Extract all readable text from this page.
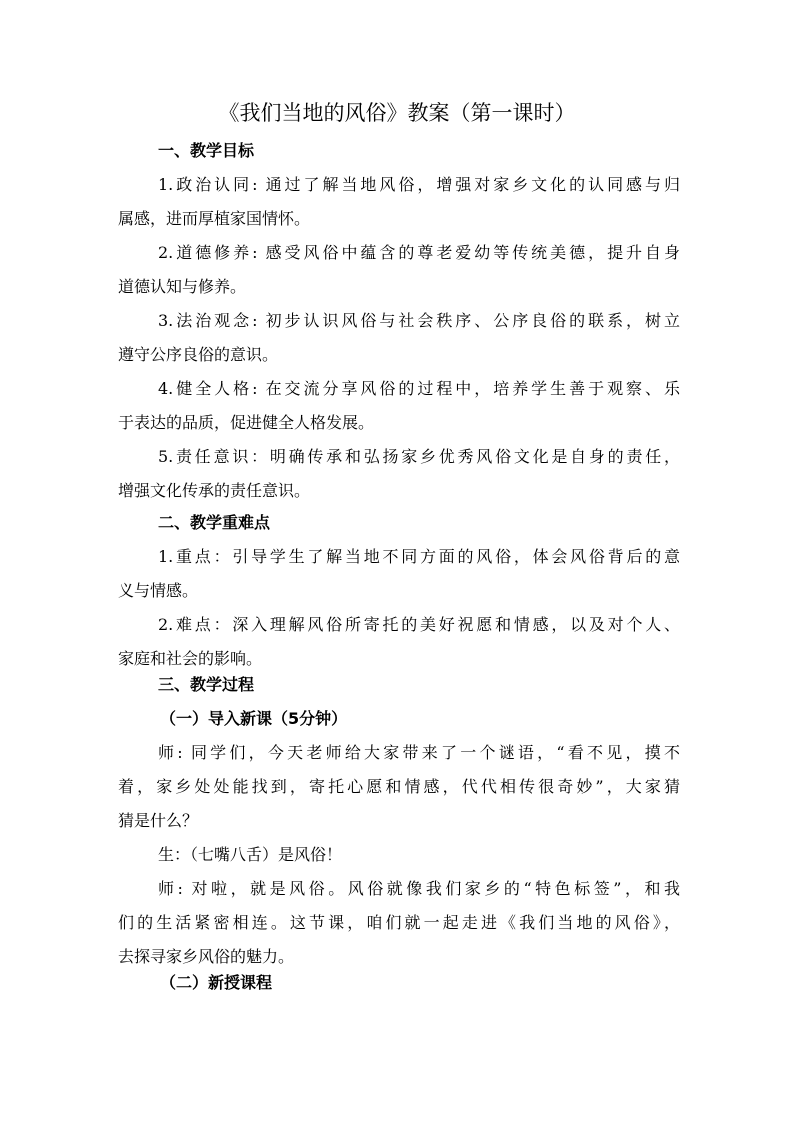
《我们当地的风俗》教案（第一课时）
一、教学目标
1.政治认同: 通过了解当地风俗，增强对家乡文化的认同感与归
属感，进而厚植家国情怀。
2.道德修养: 感受风俗中蕴含的尊老爱幼等传统美德，提升自身
道德认知与修养。
3.法治观念: 初步认识风俗与社会秩序、公序良俗的联系，树立
遵守公序良俗的意识。
4.健全人格: 在交流分享风俗的过程中，培养学生善于观察、乐
于表达的品质，促进健全人格发展。
5.责任意识：明确传承和弘扬家乡优秀风俗文化是自身的责任，
增强文化传承的责任意识。
二、教学重难点
1.重点：引导学生了解当地不同方面的风俗，体会风俗背后的意
义与情感。
2.难点：深入理解风俗所寄托的美好祝愿和情感，以及对个人、
家庭和社会的影响。
三、教学过程
（一）导入新课（5分钟）
师: 同学们，今天老师给大家带来了一个谜语，“看不见，摸不
着，家乡处处能找到，寄托心愿和情感，代代相传很奇妙”，大家猜
猜是什么？
生：（七嘴八舌）是风俗！
师: 对啦，就是风俗。风俗就像我们家乡的“特色标签”，和我
们的生活紧密相连。这节课，咱们就一起走进《我们当地的风俗》，
去探寻家乡风俗的魅力。
（二）新授课程
